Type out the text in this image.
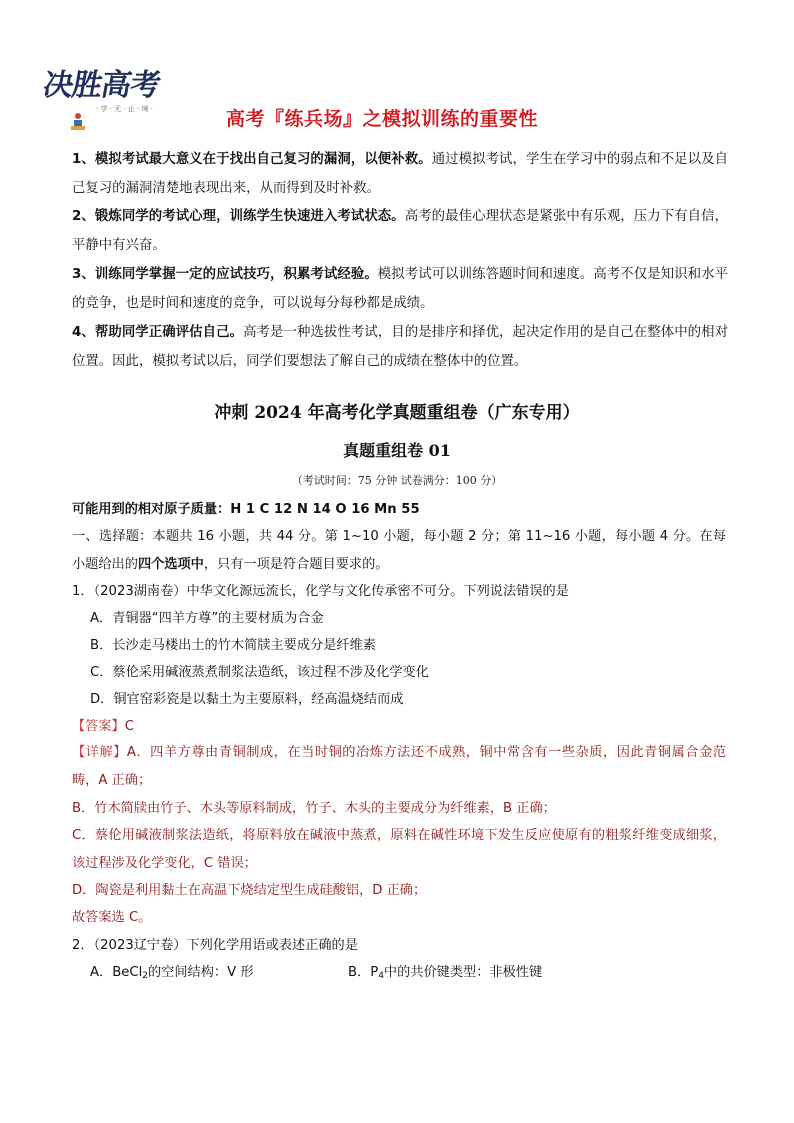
决胜高考
· 学 · 无 · 止 · 境 ·	高考『练兵场』之模拟训练的重要性
1、模拟考试最大意义在于找出自己复习的漏洞，以便补救。通过模拟考试，学生在学习中的弱点和不足以及自己复习的漏洞清楚地表现出来，从而得到及时补救。
2、锻炼同学的考试心理，训练学生快速进入考试状态。高考的最佳心理状态是紧张中有乐观，压力下有自信，平静中有兴奋。
3、训练同学掌握一定的应试技巧，积累考试经验。模拟考试可以训练答题时间和速度。高考不仅是知识和水平的竞争，也是时间和速度的竞争，可以说每分每秒都是成绩。
4、帮助同学正确评估自己。高考是一种选拔性考试，目的是排序和择优，起决定作用的是自己在整体中的相对位置。因此，模拟考试以后，同学们要想法了解自己的成绩在整体中的位置。
冲刺 2024 年高考化学真题重组卷（广东专用）
真题重组卷 01
（考试时间：75 分钟 试卷满分：100 分）
可能用到的相对原子质量：H 1 C 12 N 14 O 16 Mn 55
一、选择题：本题共 16 小题，共 44 分。第 1~10 小题，每小题 2 分；第 11~16 小题，每小题 4 分。在每小题给出的四个选项中，只有一项是符合题目要求的。
1．（2023湖南卷）中华文化源远流长，化学与文化传承密不可分。下列说法错误的是
A．青铜器“四羊方尊”的主要材质为合金
B．长沙走马楼出土的竹木简牍主要成分是纤维素
C．蔡伦采用碱液蒸煮制浆法造纸，该过程不涉及化学变化
D．铜官窑彩瓷是以黏土为主要原料，经高温烧结而成
【答案】C
【详解】A．四羊方尊由青铜制成，在当时铜的冶炼方法还不成熟，铜中常含有一些杂质，因此青铜属合金范畴，A 正确；
B．竹木简牍由竹子、木头等原料制成，竹子、木头的主要成分为纤维素，B 正确；
C．蔡伦用碱液制浆法造纸，将原料放在碱液中蒸煮，原料在碱性环境下发生反应使原有的粗浆纤维变成细浆，该过程涉及化学变化，C 错误；
D．陶瓷是利用黏土在高温下烧结定型生成硅酸铝，D 正确；
故答案选 C。
2．（2023辽宁卷）下列化学用语或表述正确的是
A．BeCl$_2$的空间结构：V 形	B．$P_4$中的共价键类型：非极性键
